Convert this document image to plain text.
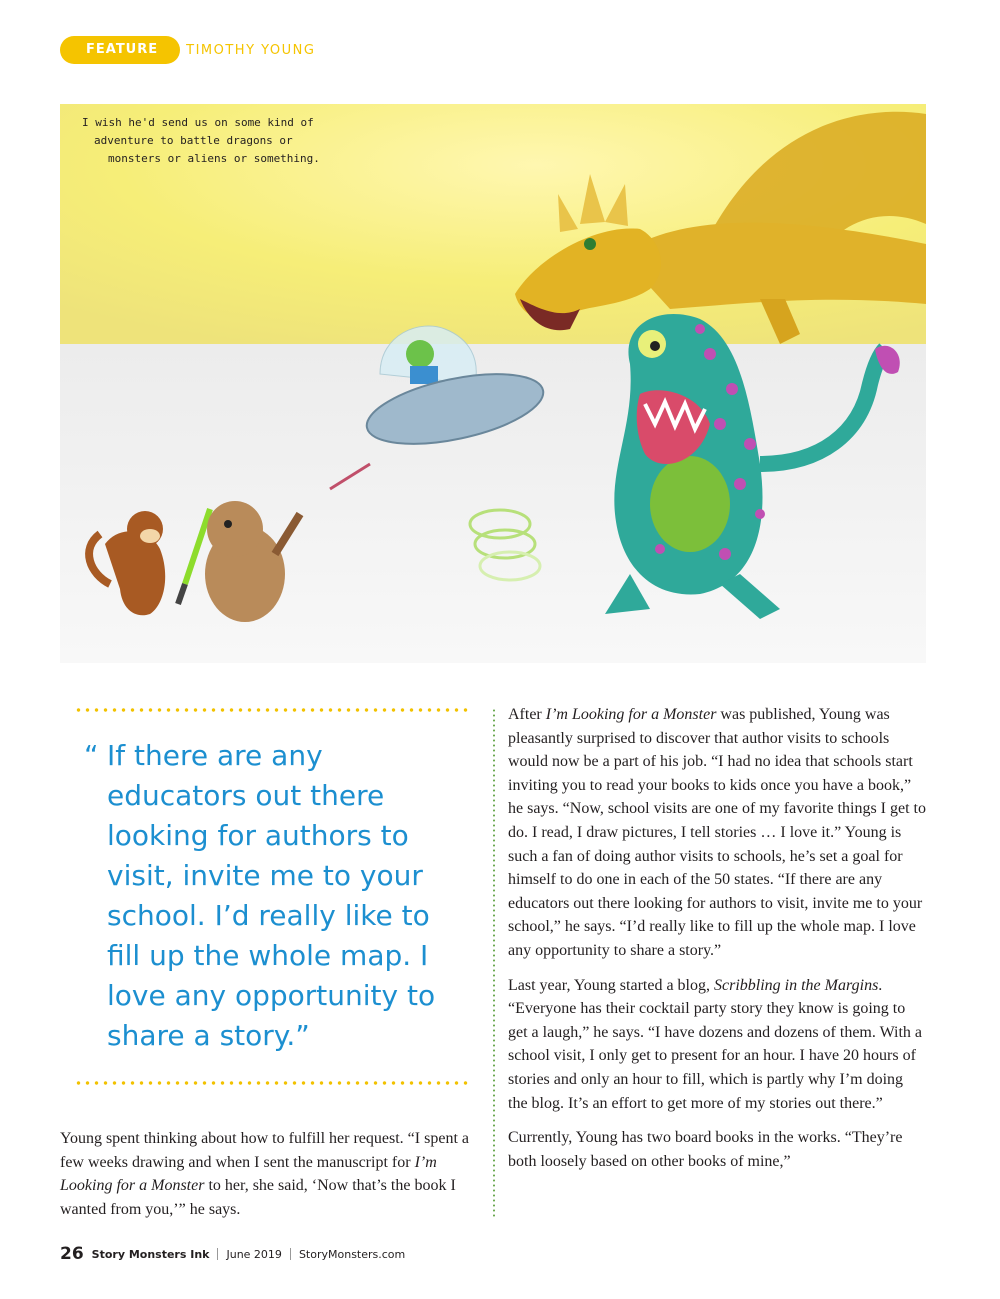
FEATURE	TIMOTHY YOUNG
I wish he'd send us on some kind of
adventure to battle dragons or
monsters or aliens or something.
“ If there are any educators out there looking for authors to visit, invite me to your school. I’d really like to fill up the whole map. I love any opportunity to share a story.”

Young spent thinking about how to fulfill her request. “I spent a few weeks drawing and when I sent the manuscript for I’m Looking for a Monster to her, she said, ‘Now that’s the book I wanted from you,’” he says.

After I’m Looking for a Monster was published, Young was pleasantly surprised to discover that author visits to schools would now be a part of his job. “I had no idea that schools start inviting you to read your books to kids once you have a book,” he says. “Now, school visits are one of my favorite things I get to do. I read, I draw pictures, I tell stories … I love it.” Young is such a fan of doing author visits to schools, he’s set a goal for himself to do one in each of the 50 states. “If there are any educators out there looking for authors to visit, invite me to your school,” he says. “I’d really like to fill up the whole map. I love any opportunity to share a story.”

Last year, Young started a blog, Scribbling in the Margins. “Everyone has their cocktail party story they know is going to get a laugh,” he says. “I have dozens and dozens of them. With a school visit, I only get to present for an hour. I have 20 hours of stories and only an hour to fill, which is partly why I’m doing the blog. It’s an effort to get more of my stories out there.”

Currently, Young has two board books in the works. “They’re both loosely based on other books of mine,”

26 Story Monsters Ink June 2019 StoryMonsters.com
